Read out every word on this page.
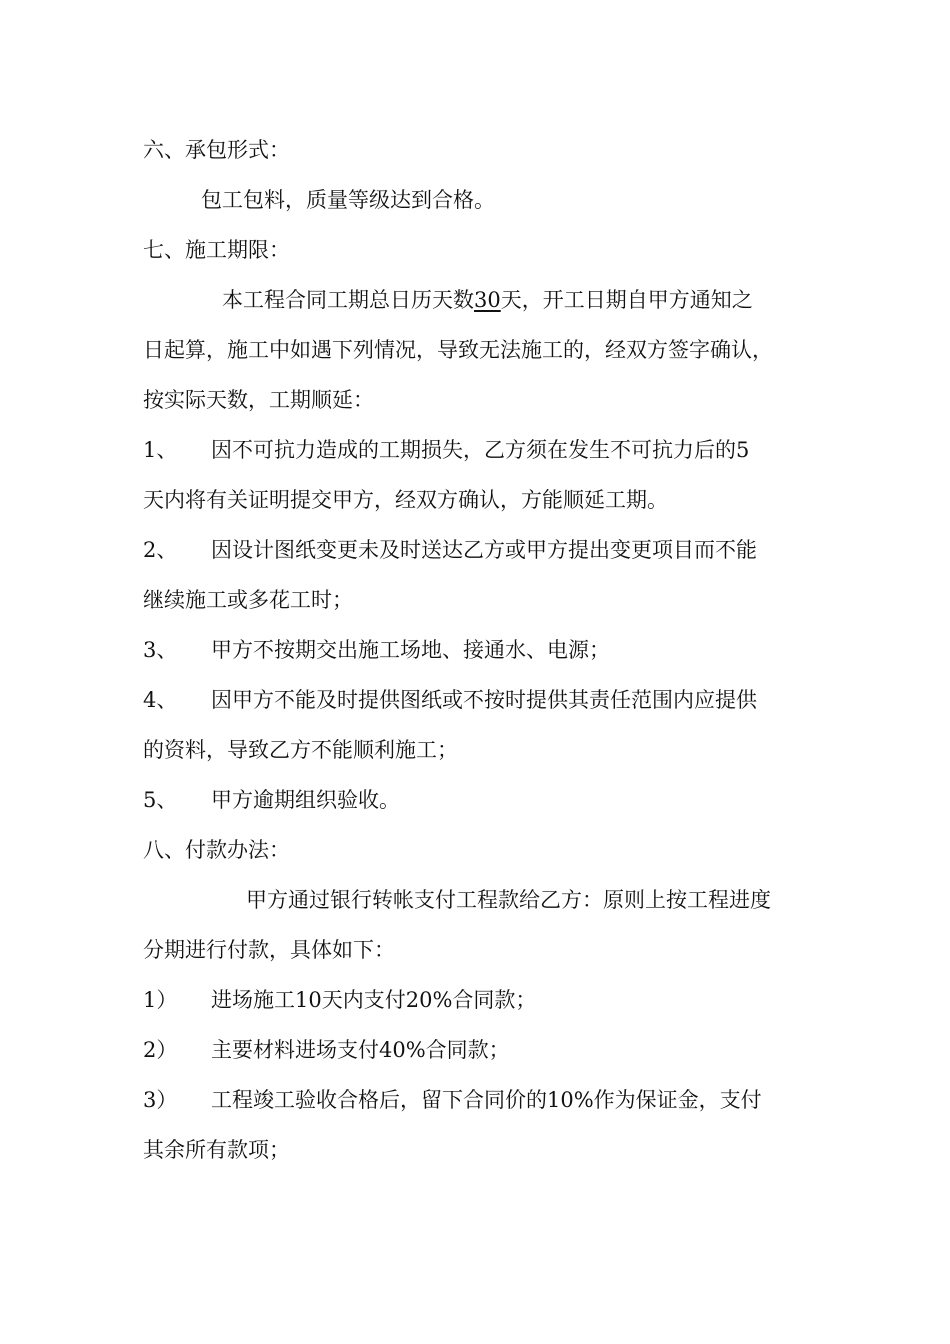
六、承包形式：
包工包料，质量等级达到合格。
七、施工期限：
本工程合同工期总日历天数30天，开工日期自甲方通知之
日起算，施工中如遇下列情况，导致无法施工的，经双方签字确认，
按实际天数，工期顺延：
1、 因不可抗力造成的工期损失，乙方须在发生不可抗力后的5
天内将有关证明提交甲方，经双方确认，方能顺延工期。
2、 因设计图纸变更未及时送达乙方或甲方提出变更项目而不能
继续施工或多花工时；
3、 甲方不按期交出施工场地、接通水、电源；
4、 因甲方不能及时提供图纸或不按时提供其责任范围内应提供
的资料，导致乙方不能顺利施工；
5、 甲方逾期组织验收。
八、付款办法：
甲方通过银行转帐支付工程款给乙方：原则上按工程进度
分期进行付款，具体如下：
1） 进场施工10天内支付20%合同款；
2） 主要材料进场支付40%合同款；
3） 工程竣工验收合格后，留下合同价的10%作为保证金，支付
其余所有款项；
